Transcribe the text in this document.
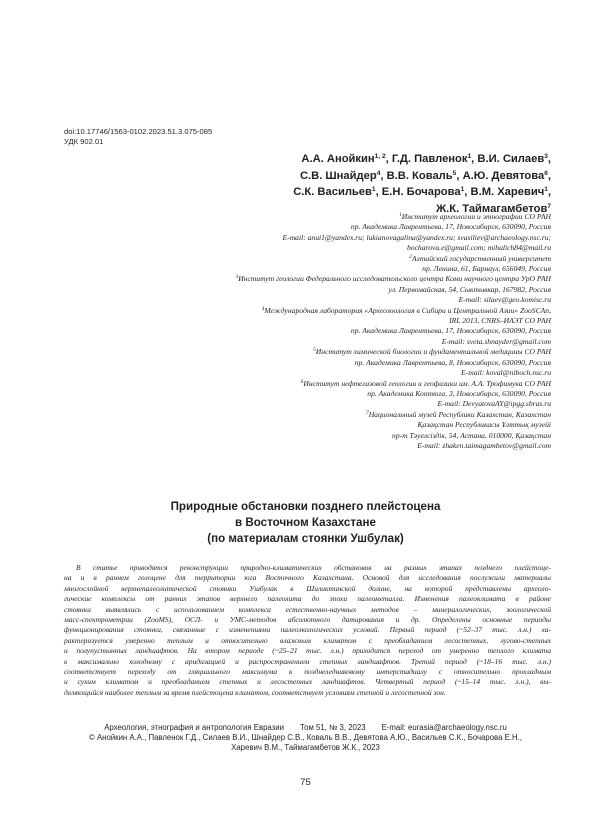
doi:10.17746/1563-0102.2023.51.3.075-085
УДК 902.01
А.А. Анойкин$^{1, 2}$, Г.Д. Павленок$^1$, В.И. Силаев$^3$,
С.В. Шнайдер$^4$, В.В. Коваль$^5$, А.Ю. Девятова$^6$,
С.К. Васильев$^1$, Е.Н. Бочарова$^1$, В.М. Харевич$^1$,
Ж.К. Таймагамбетов$^7$
$^1$Институт археологии и этнографии СО РАН
пр. Академика Лаврентьева, 17, Новосибирск, 630090, Россия
E-mail: anui1@yandex.ru; lukianovagalina@yandex.ru; svasiliev@archaeology.nsc.ru;
bocharova.e@gmail.com; mihalich84@mail.ru
$^2$Алтайский государственный университет
пр. Ленина, 61, Барнаул, 656049, Россия
$^3$Институт геологии Федерального исследовательского центра Коми научного центра УрО РАН
ул. Первомайская, 54, Сыктывкар, 167982, Россия
E-mail: silaev@geo.komisc.ru
$^4$Международная лаборатория «Археозоология в Сибири и Центральной Азии» ZooSCAn,
IRL 2013, CNRS–ИАЭТ СО РАН
пр. Академика Лаврентьева, 17, Новосибирск, 630090, Россия
E-mail: sveta.shnayder@gmail.com
$^5$Институт химической биологии и фундаментальной медицины СО РАН
пр. Академика Лаврентьева, 8, Новосибирск, 630090, Россия
E-mail: koval@niboch.nsc.ru
$^6$Институт нефтегазовой геологии и геофизики им. А.А. Трофимука СО РАН
пр. Академика Коптюга, 3, Новосибирск, 630090, Россия
E-mail: DevyatovaAY@ipgg.sbras.ru
$^7$Национальный музей Республики Казахстан, Казахстан
Қазақстан Республикасы Ұлттық музейі
пр-т Тәуелсіздік, 54, Астана, 010000, Қазақстан
E-mail: zhaken.taimagambetov@gmail.com
Природные обстановки позднего плейстоцена
в Восточном Казахстане
(по материалам стоянки Ушбулак)
В статье приводятся реконструкции природно-климатических обстановок на разных этапах позднего плейстоце-
на и в раннем голоцене для территории юга Восточного Казахстана. Основой для исследования послужили материалы
многослойной верхнепалеолитической стоянки Ушбулак в Шиликтинской долине, на которой представлены археоло-
гические комплексы от ранних этапов верхнего палеолита до эпохи палеометалла. Изменения палеоклимата в районе
стоянки выявлялись с использованием комплекса естественно-научных методов – минералогических, зоологической
масс-спектрометрии (ZooMS), ОСЛ- и УМС-методов абсолютного датирования и др. Определены основные периоды
функционирования стоянки, связанные с изменениями палеоэкологических условий. Первый период (~52–37 тыс. л.н.) ха-
рактеризуется умеренно теплым и относительно влажным климатом с преобладанием лесостепных, лугово-степных
и полупустынных ландшафтов. На втором периоде (~25–21 тыс. л.н.) приходится переход от умеренно теплого климата
к максимально холодному с аридизацией и распространением степных ландшафтов. Третий период (~18–16 тыс. л.н.)
соответствует переходу от гляциального максимума к позднеледниковому интерстадиалу с относительно прохладным
и сухим климатом и преобладанием степных и лесостепных ландшафтов. Четвертый период (~15–14 тыс. л.н.), вы-
деляющийся наиболее теплым за время плейстоцена климатом, соответствует условиям степной и лесостепной зон.
Археология, этнография и антропология Евразии Том 51, № 3, 2023 E-mail: eurasia@archaeology.nsc.ru
© Анойкин А.А., Павленок Г.Д., Силаев В.И., Шнайдер С.В., Коваль В.В., Девятова А.Ю., Васильев С.К., Бочарова Е.Н.,
Харевич В.М., Таймагамбетов Ж.К., 2023
75
